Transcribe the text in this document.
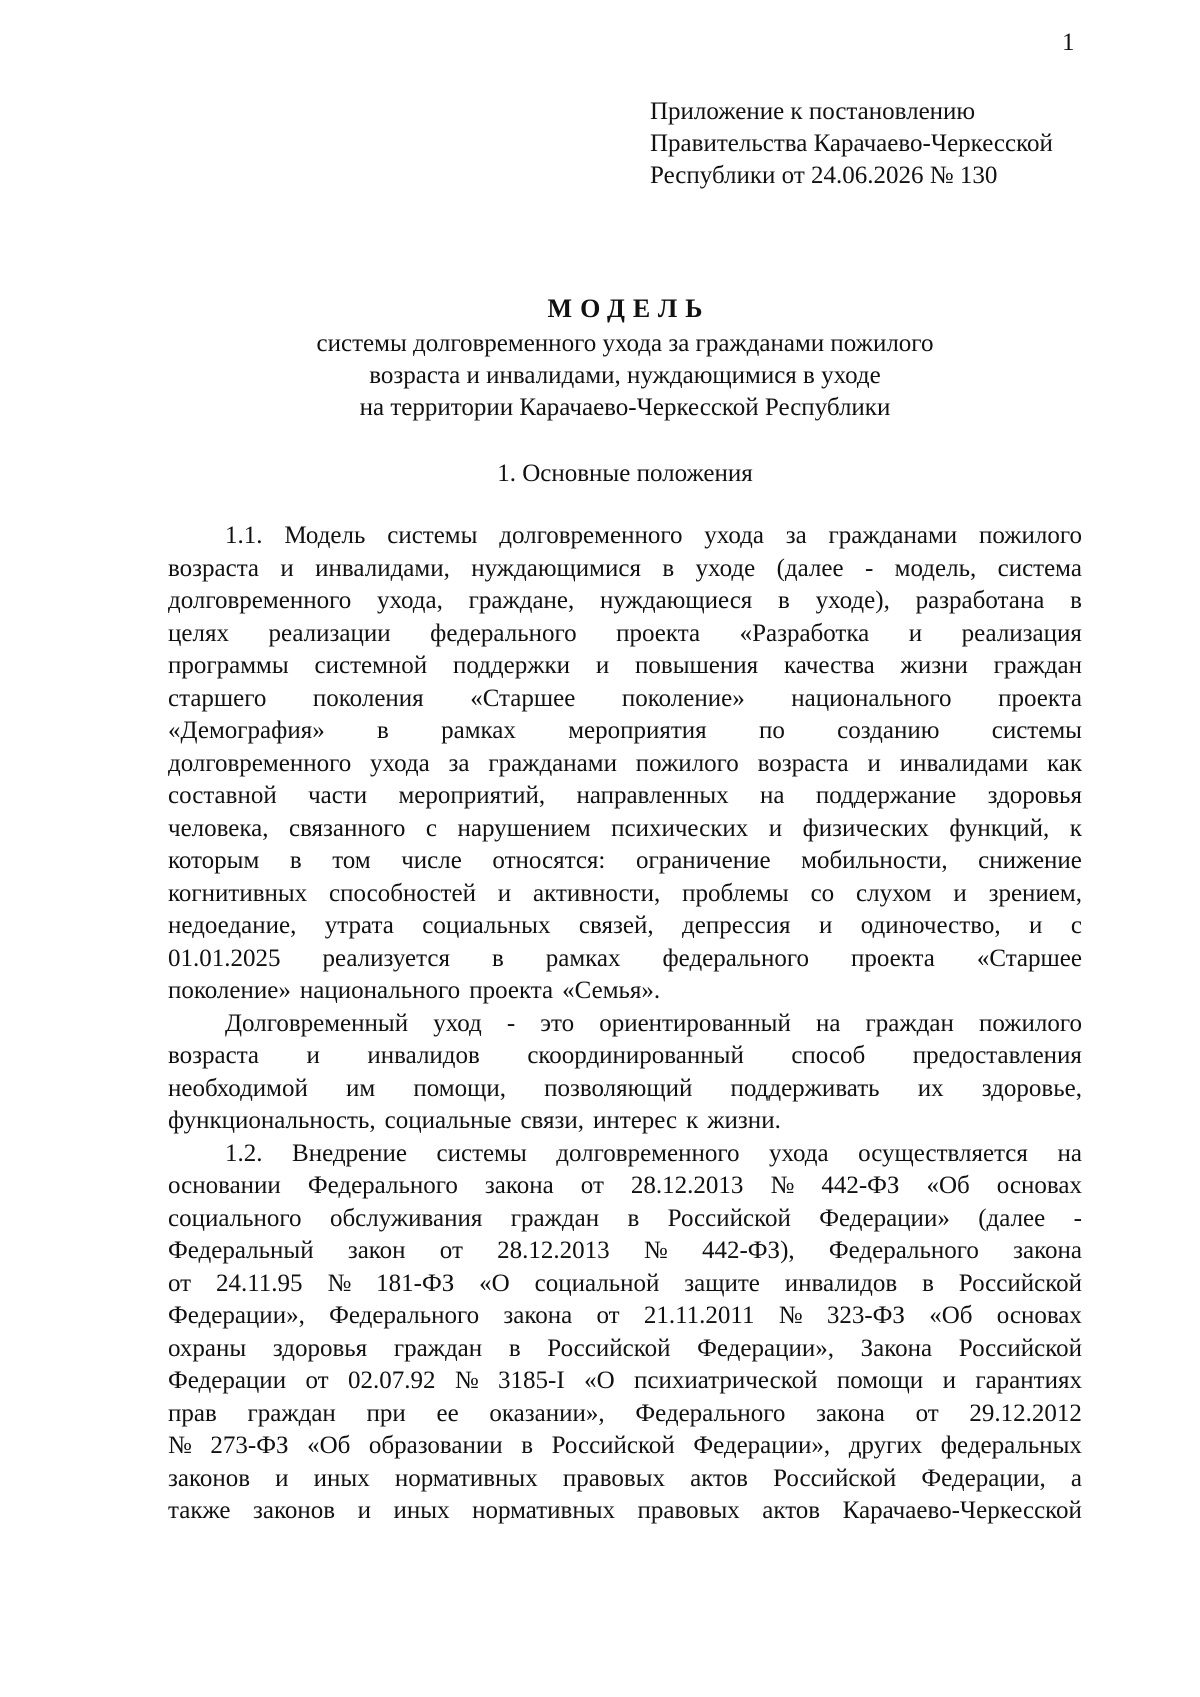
1
Приложение к постановлению
Правительства Карачаево-Черкесской
Республики от 24.06.2026 № 130
МОДЕЛЬ
системы долговременного ухода за гражданами пожилого
возраста и инвалидами, нуждающимися в уходе
на территории Карачаево-Черкесской Республики
1. Основные положения
1.1. Модель системы долговременного ухода за гражданами пожилого
возраста и инвалидами, нуждающимися в уходе (далее - модель, система
долговременного ухода, граждане, нуждающиеся в уходе), разработана в
целях реализации федерального проекта «Разработка и реализация
программы системной поддержки и повышения качества жизни граждан
старшего поколения «Старшее поколение» национального проекта
«Демография» в рамках мероприятия по созданию системы
долговременного ухода за гражданами пожилого возраста и инвалидами как
составной части мероприятий, направленных на поддержание здоровья
человека, связанного с нарушением психических и физических функций, к
которым в том числе относятся: ограничение мобильности, снижение
когнитивных способностей и активности, проблемы со слухом и зрением,
недоедание, утрата социальных связей, депрессия и одиночество, и с
01.01.2025 реализуется в рамках федерального проекта «Старшее
поколение» национального проекта «Семья».
Долговременный уход - это ориентированный на граждан пожилого
возраста и инвалидов скоординированный способ предоставления
необходимой им помощи, позволяющий поддерживать их здоровье,
функциональность, социальные связи, интерес к жизни.
1.2. Внедрение системы долговременного ухода осуществляется на
основании Федерального закона от 28.12.2013 № 442-ФЗ «Об основах
социального обслуживания граждан в Российской Федерации» (далее -
Федеральный закон от 28.12.2013 № 442-ФЗ), Федерального закона
от 24.11.95 № 181-ФЗ «О социальной защите инвалидов в Российской
Федерации», Федерального закона от 21.11.2011 № 323-ФЗ «Об основах
охраны здоровья граждан в Российской Федерации», Закона Российской
Федерации от 02.07.92 № 3185-I «О психиатрической помощи и гарантиях
прав граждан при ее оказании», Федерального закона от 29.12.2012
№ 273-ФЗ «Об образовании в Российской Федерации», других федеральных
законов и иных нормативных правовых актов Российской Федерации, а
также законов и иных нормативных правовых актов Карачаево-Черкесской
